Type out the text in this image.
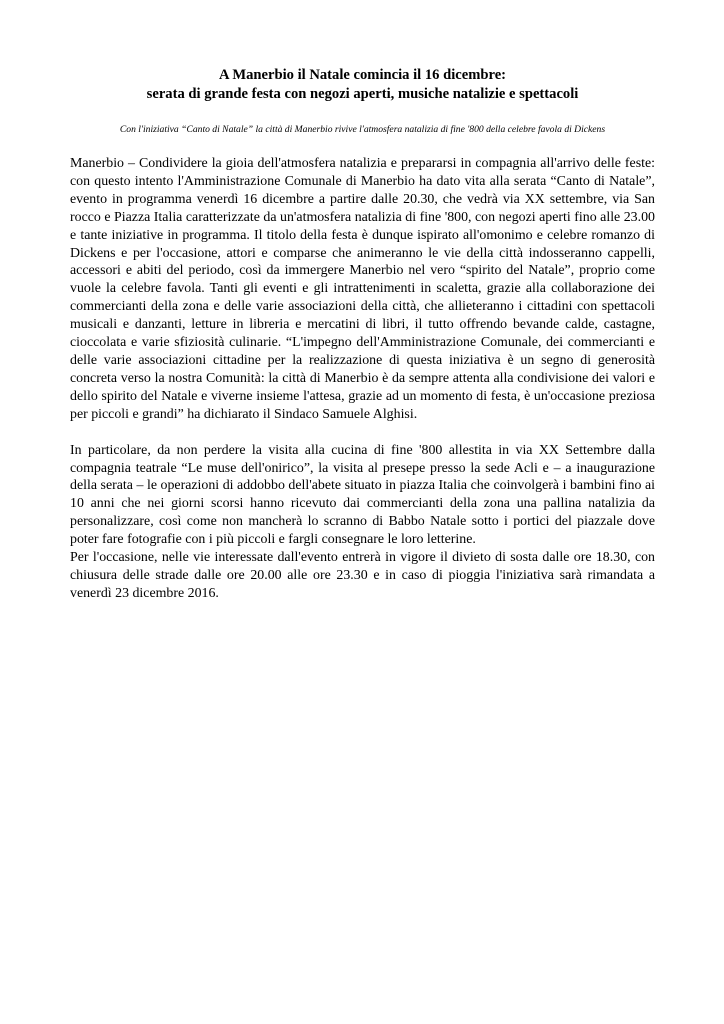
A Manerbio il Natale comincia il 16 dicembre:
serata di grande festa con negozi aperti, musiche natalizie e spettacoli

Con l'iniziativa “Canto di Natale” la città di Manerbio rivive l'atmosfera natalizia di fine '800 della celebre favola di Dickens

Manerbio – Condividere la gioia dell'atmosfera natalizia e prepararsi in compagnia all'arrivo delle feste: con questo intento l'Amministrazione Comunale di Manerbio ha dato vita alla serata “Canto di Natale”, evento in programma venerdì 16 dicembre a partire dalle 20.30, che vedrà via XX settembre, via San rocco e Piazza Italia caratterizzate da un'atmosfera natalizia di fine '800, con negozi aperti fino alle 23.00 e tante iniziative in programma. Il titolo della festa è dunque ispirato all'omonimo e celebre romanzo di Dickens e per l'occasione, attori e comparse che animeranno le vie della città indosseranno cappelli, accessori e abiti del periodo, così da immergere Manerbio nel vero “spirito del Natale”, proprio come vuole la celebre favola. Tanti gli eventi e gli intrattenimenti in scaletta, grazie alla collaborazione dei commercianti della zona e delle varie associazioni della città, che allieteranno i cittadini con spettacoli musicali e danzanti, letture in libreria e mercatini di libri, il tutto offrendo bevande calde, castagne, cioccolata e varie sfiziosità culinarie. “L'impegno dell'Amministrazione Comunale, dei commercianti e delle varie associazioni cittadine per la realizzazione di questa iniziativa è un segno di generosità concreta verso la nostra Comunità: la città di Manerbio è da sempre attenta alla condivisione dei valori e dello spirito del Natale e viverne insieme l'attesa, grazie ad un momento di festa, è un'occasione preziosa per piccoli e grandi” ha dichiarato il Sindaco Samuele Alghisi.

In particolare, da non perdere la visita alla cucina di fine '800 allestita in via XX Settembre dalla compagnia teatrale “Le muse dell'onirico”, la visita al presepe presso la sede Acli e – a inaugurazione della serata – le operazioni di addobbo dell'abete situato in piazza Italia che coinvolgerà i bambini fino ai 10 anni che nei giorni scorsi hanno ricevuto dai commercianti della zona una pallina natalizia da personalizzare, così come non mancherà lo scranno di Babbo Natale sotto i portici del piazzale dove poter fare fotografie con i più piccoli e fargli consegnare le loro letterine.

Per l'occasione, nelle vie interessate dall'evento entrerà in vigore il divieto di sosta dalle ore 18.30, con chiusura delle strade dalle ore 20.00 alle ore 23.30 e in caso di pioggia l'iniziativa sarà rimandata a venerdì 23 dicembre 2016.
